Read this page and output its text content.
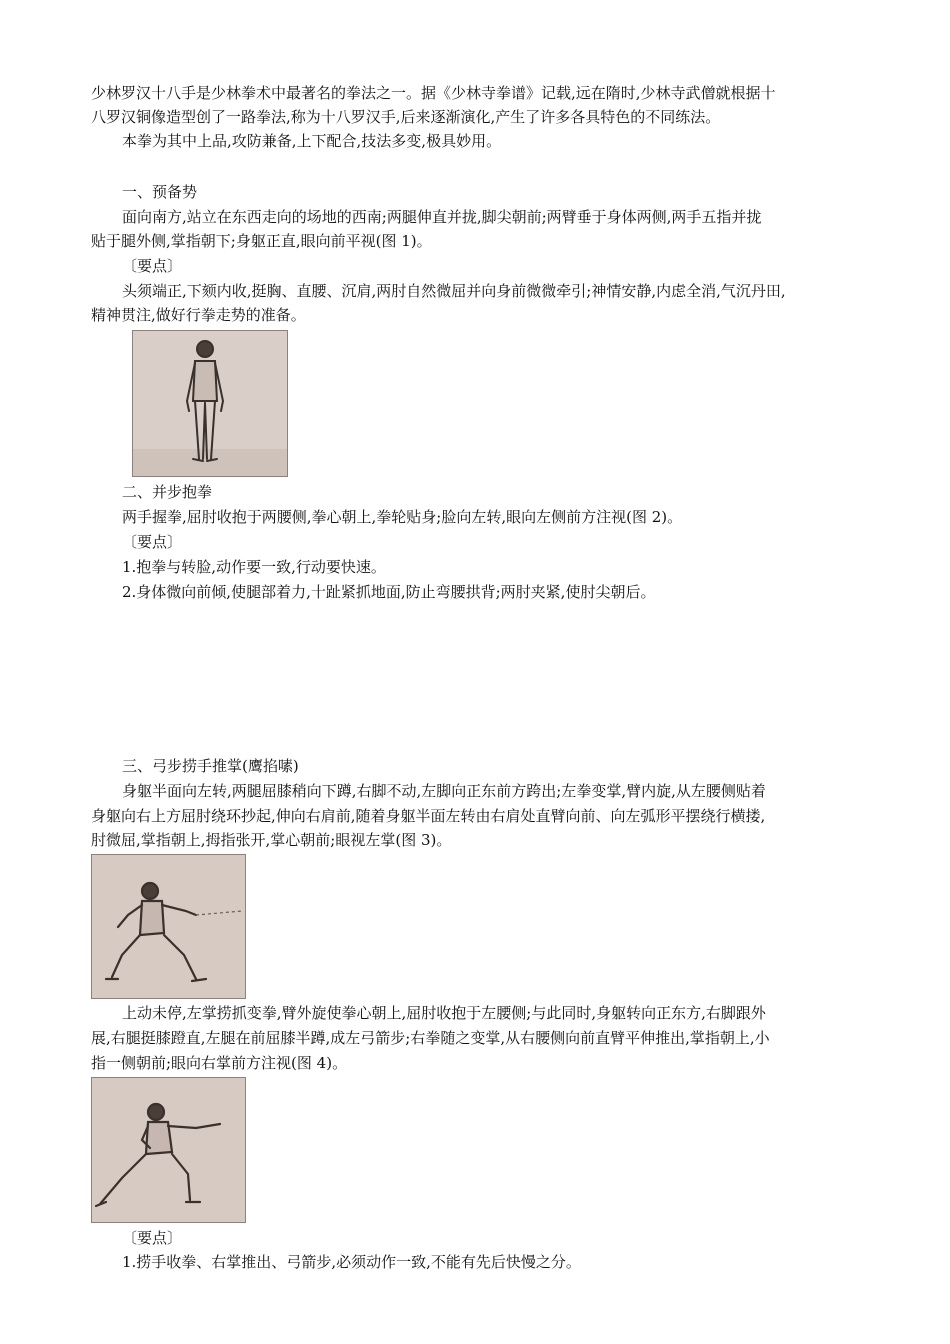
少林罗汉十八手是少林拳术中最著名的拳法之一。据《少林寺拳谱》记载,远在隋时,少林寺武僧就根据十
八罗汉铜像造型创了一路拳法,称为十八罗汉手,后来逐渐演化,产生了许多各具特色的不同练法。
本拳为其中上品,攻防兼备,上下配合,技法多变,极具妙用。
一、预备势
面向南方,站立在东西走向的场地的西南;两腿伸直并拢,脚尖朝前;两臂垂于身体两侧,两手五指并拢
贴于腿外侧,掌指朝下;身躯正直,眼向前平视(图 1)。
〔要点〕
头须端正,下颏内收,挺胸、直腰、沉肩,两肘自然微屈并向身前微微牵引;神情安静,内虑全消,气沉丹田,
精神贯注,做好行拳走势的准备。
二、并步抱拳
两手握拳,屈肘收抱于两腰侧,拳心朝上,拳轮贴身;脸向左转,眼向左侧前方注视(图 2)。
〔要点〕
1.抱拳与转脸,动作要一致,行动要快速。
2.身体微向前倾,使腿部着力,十趾紧抓地面,防止弯腰拱背;两肘夹紧,使肘尖朝后。
三、弓步捞手推掌(鹰掐嗉)
身躯半面向左转,两腿屈膝稍向下蹲,右脚不动,左脚向正东前方跨出;左拳变掌,臂内旋,从左腰侧贴着
身躯向右上方屈肘绕环抄起,伸向右肩前,随着身躯半面左转由右肩处直臂向前、向左弧形平摆绕行横搂,
肘微屈,掌指朝上,拇指张开,掌心朝前;眼视左掌(图 3)。
上动未停,左掌捞抓变拳,臂外旋使拳心朝上,屈肘收抱于左腰侧;与此同时,身躯转向正东方,右脚跟外
展,右腿挺膝蹬直,左腿在前屈膝半蹲,成左弓箭步;右拳随之变掌,从右腰侧向前直臂平伸推出,掌指朝上,小
指一侧朝前;眼向右掌前方注视(图 4)。
〔要点〕
1.捞手收拳、右掌推出、弓箭步,必须动作一致,不能有先后快慢之分。
